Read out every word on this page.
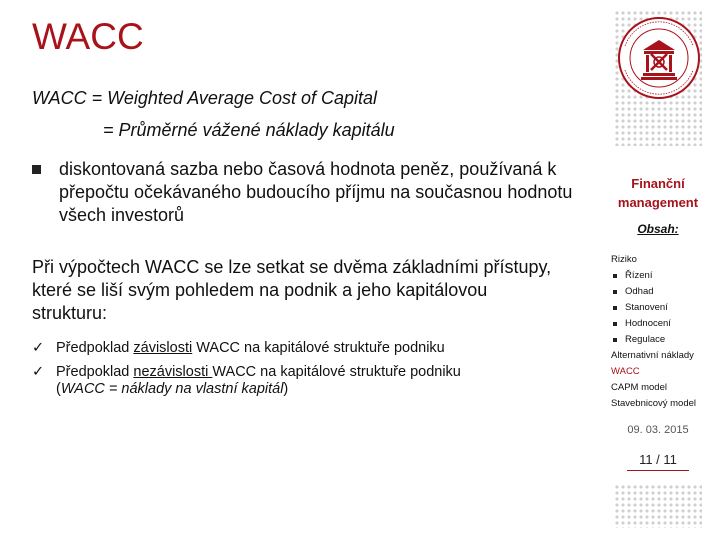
WACC
WACC = Weighted Average Cost of Capital
= Průměrné vážené náklady kapitálu
diskontovaná sazba nebo časová hodnota peněz, používaná k přepočtu očekávaného budoucího příjmu na současnou hodnotu všech investorů
Při výpočtech WACC se lze setkat se dvěma základními přístupy, které se liší svým pohledem na podnik a jeho kapitálovou strukturu:
✓ Předpoklad závislosti WACC na kapitálové struktuře podniku
✓ Předpoklad nezávislosti WACC na kapitálové struktuře podniku
(WACC = náklady na vlastní kapitál)
Finanční
management
Obsah:
Riziko
Řízení
Odhad
Stanovení
Hodnocení
Regulace
Alternativní náklady
WACC
CAPM model
Stavebnicový model
09. 03. 2015
11 / 11
